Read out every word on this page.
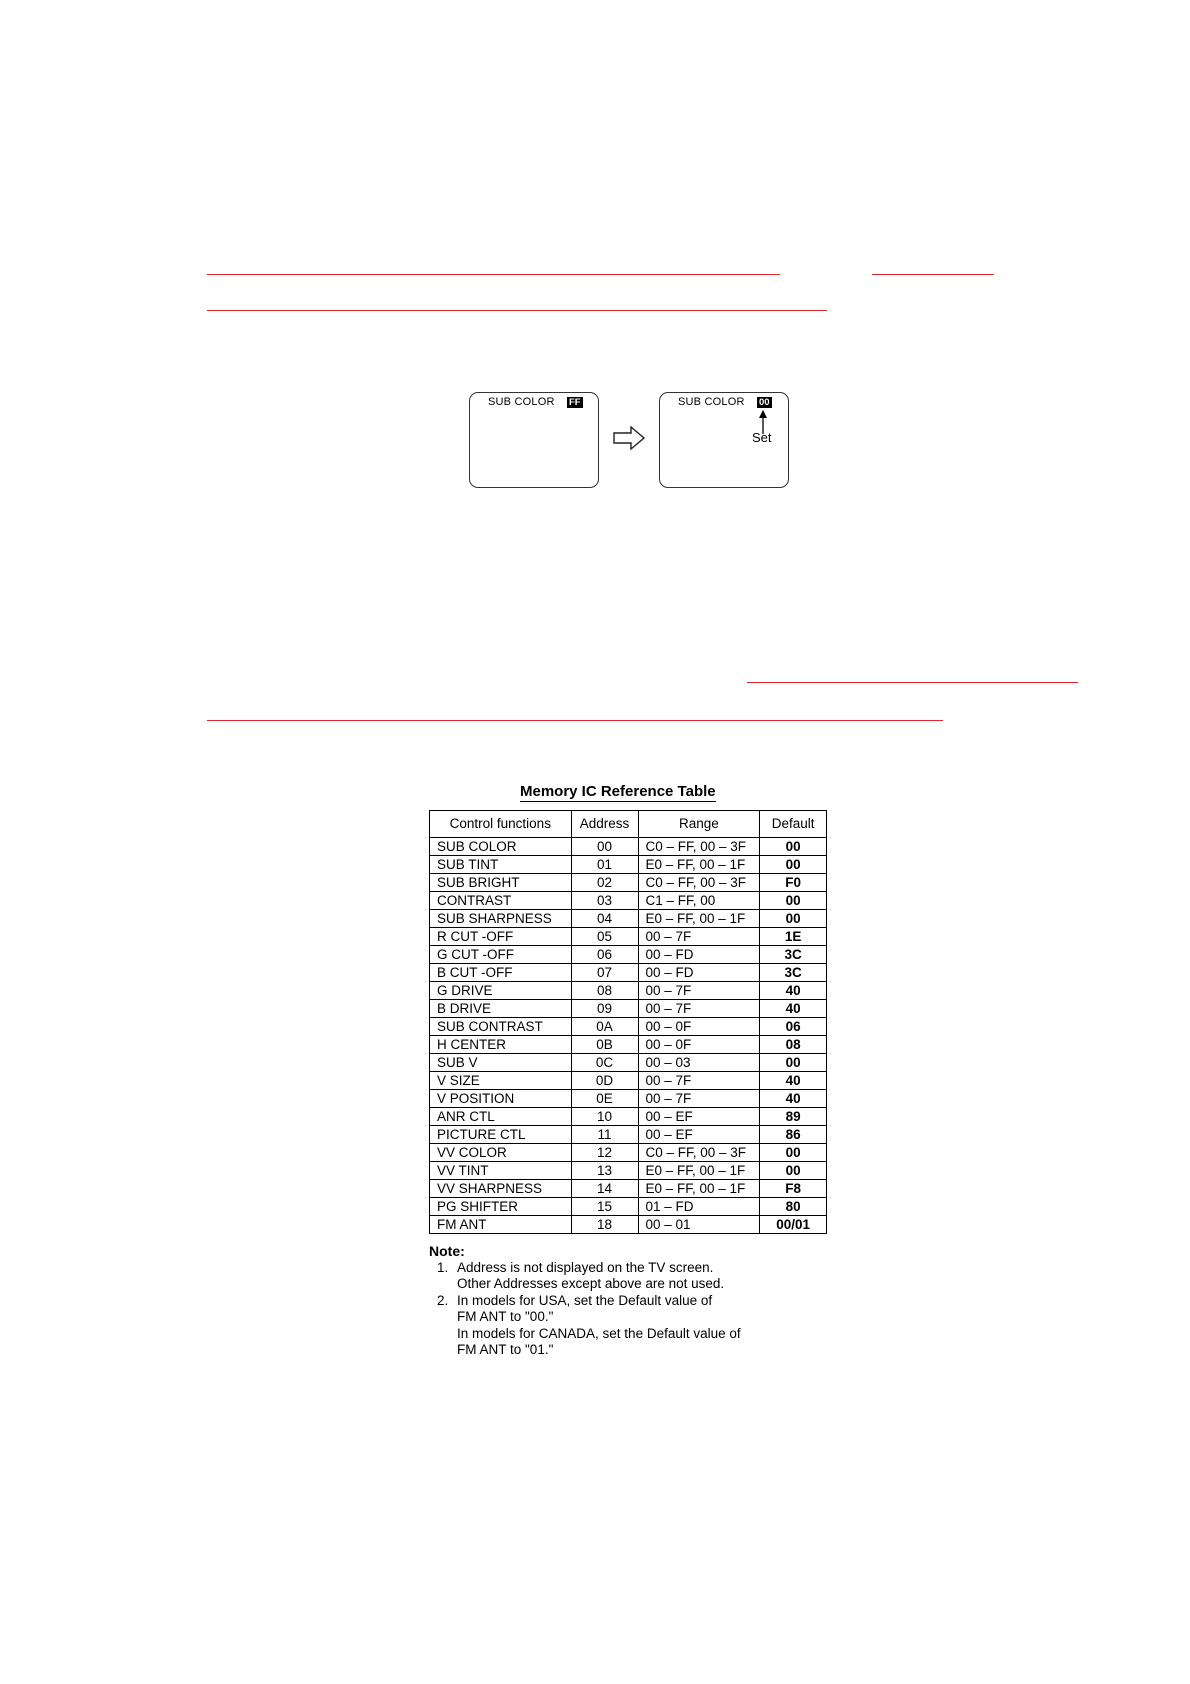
SUB COLOR FF	SUB COLOR 00
Set
Memory IC Reference Table
Control functions	Address	Range	Default
SUB COLOR	00	C0 – FF, 00 – 3F	00
SUB TINT	01	E0 – FF, 00 – 1F	00
SUB BRIGHT	02	C0 – FF, 00 – 3F	F0
CONTRAST	03	C1 – FF, 00	00
SUB SHARPNESS	04	E0 – FF, 00 – 1F	00
R CUT -OFF	05	00 – 7F	1E
G CUT -OFF	06	00 – FD	3C
B CUT -OFF	07	00 – FD	3C
G DRIVE	08	00 – 7F	40
B DRIVE	09	00 – 7F	40
SUB CONTRAST	0A	00 – 0F	06
H CENTER	0B	00 – 0F	08
SUB V	0C	00 – 03	00
V SIZE	0D	00 – 7F	40
V POSITION	0E	00 – 7F	40
ANR CTL	10	00 – EF	89
PICTURE CTL	11	00 – EF	86
VV COLOR	12	C0 – FF, 00 – 3F	00
VV TINT	13	E0 – FF, 00 – 1F	00
VV SHARPNESS	14	E0 – FF, 00 – 1F	F8
PG SHIFTER	15	01 – FD	80
FM ANT	18	00 – 01	00/01
Note:
1. Address is not displayed on the TV screen.
Other Addresses except above are not used.
2. In models for USA, set the Default value of
FM ANT to "00."
In models for CANADA, set the Default value of
FM ANT to "01."
